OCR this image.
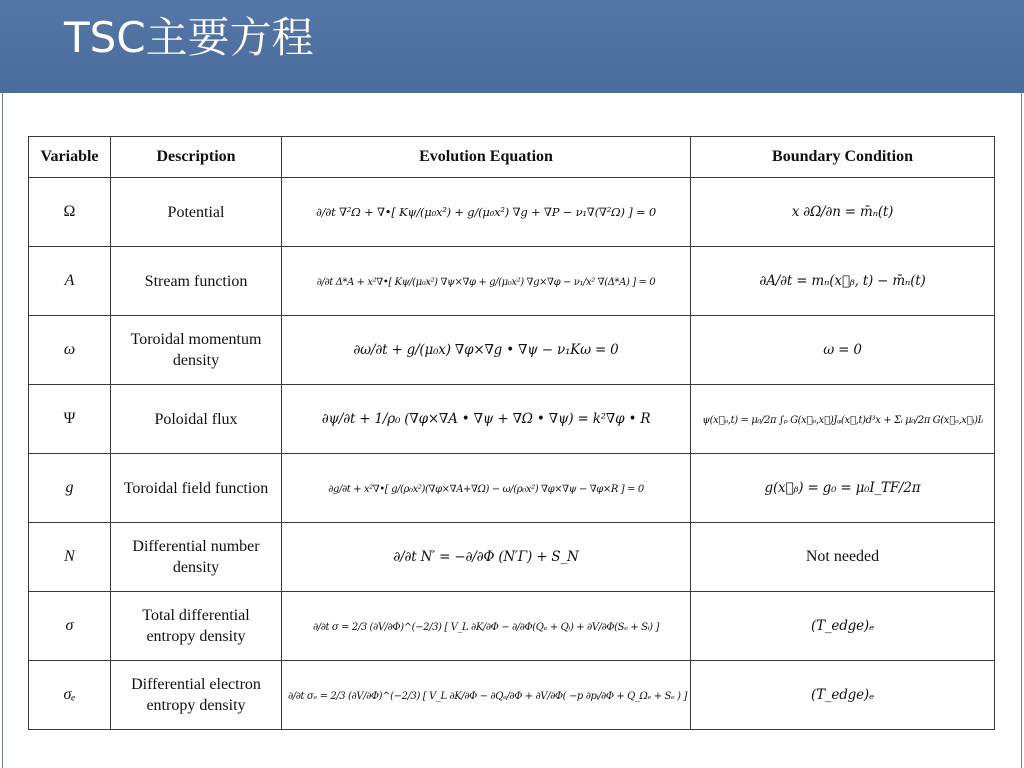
TSC主要方程
Variable	Description	Evolution Equation	Boundary Condition
Ω	Potential	∂/∂t ∇²Ω + ∇•[ Kψ/(μ₀x²) + g/(μ₀x²) ∇g + ∇P − ν₁∇(∇²Ω) ] = 0	x ∂Ω/∂n = m̄ₙ(t)
A	Stream function	∂/∂t Δ*A + x²∇•[ Kψ/(μ₀x²) ∇ψ×∇φ + g/(μ₀x²) ∇g×∇φ − ν₁/x² ∇(Δ*A) ] = 0	∂A/∂t = mₙ(x⃗ᵦ, t) − m̄ₙ(t)
ω	Toroidal momentum density	∂ω/∂t + g/(μ₀x) ∇φ×∇g • ∇ψ − ν₁Kω = 0	ω = 0
Ψ	Poloidal flux	∂ψ/∂t + 1/ρ₀ (∇φ×∇A • ∇ψ + ∇Ω • ∇ψ) = k²∇φ • R	ψ(x⃗ₒ,t) = μ₀/2π ∫ₚ G(x⃗ₒ,x⃗)Jᵩ(x⃗,t)d³x + Σᵢ μ₀/2π G(x⃗ₒ,x⃗ᵢ)Iᵢ
g	Toroidal field function	∂g/∂t + x²∇•[ g/(ρ₀x²)(∇φ×∇A+∇Ω) − ω/(ρ₀x²) ∇φ×∇ψ − ∇φ×R ] = 0	g(x⃗ᵦ) = g₀ = μ₀I_TF/2π
N	Differential number density	∂/∂t N′ = −∂/∂Φ (N′Γ) + S_N	Not needed
σ	Total differential entropy density	∂/∂t σ = 2/3 (∂V/∂Φ)^(−2/3) [ V_L ∂K/∂Φ − ∂/∂Φ(Qₑ + Qᵢ) + ∂V/∂Φ(Sₑ + Sᵢ) ]	(T_edge)ₑ
σₑ	Differential electron entropy density	∂/∂t σₑ = 2/3 (∂V/∂Φ)^(−2/3) [ V_L ∂K/∂Φ − ∂Qₑ/∂Φ + ∂V/∂Φ( −p ∂pᵢ/∂Φ + Q_Ωₑ + Sₑ ) ]	(T_edge)ₑ
